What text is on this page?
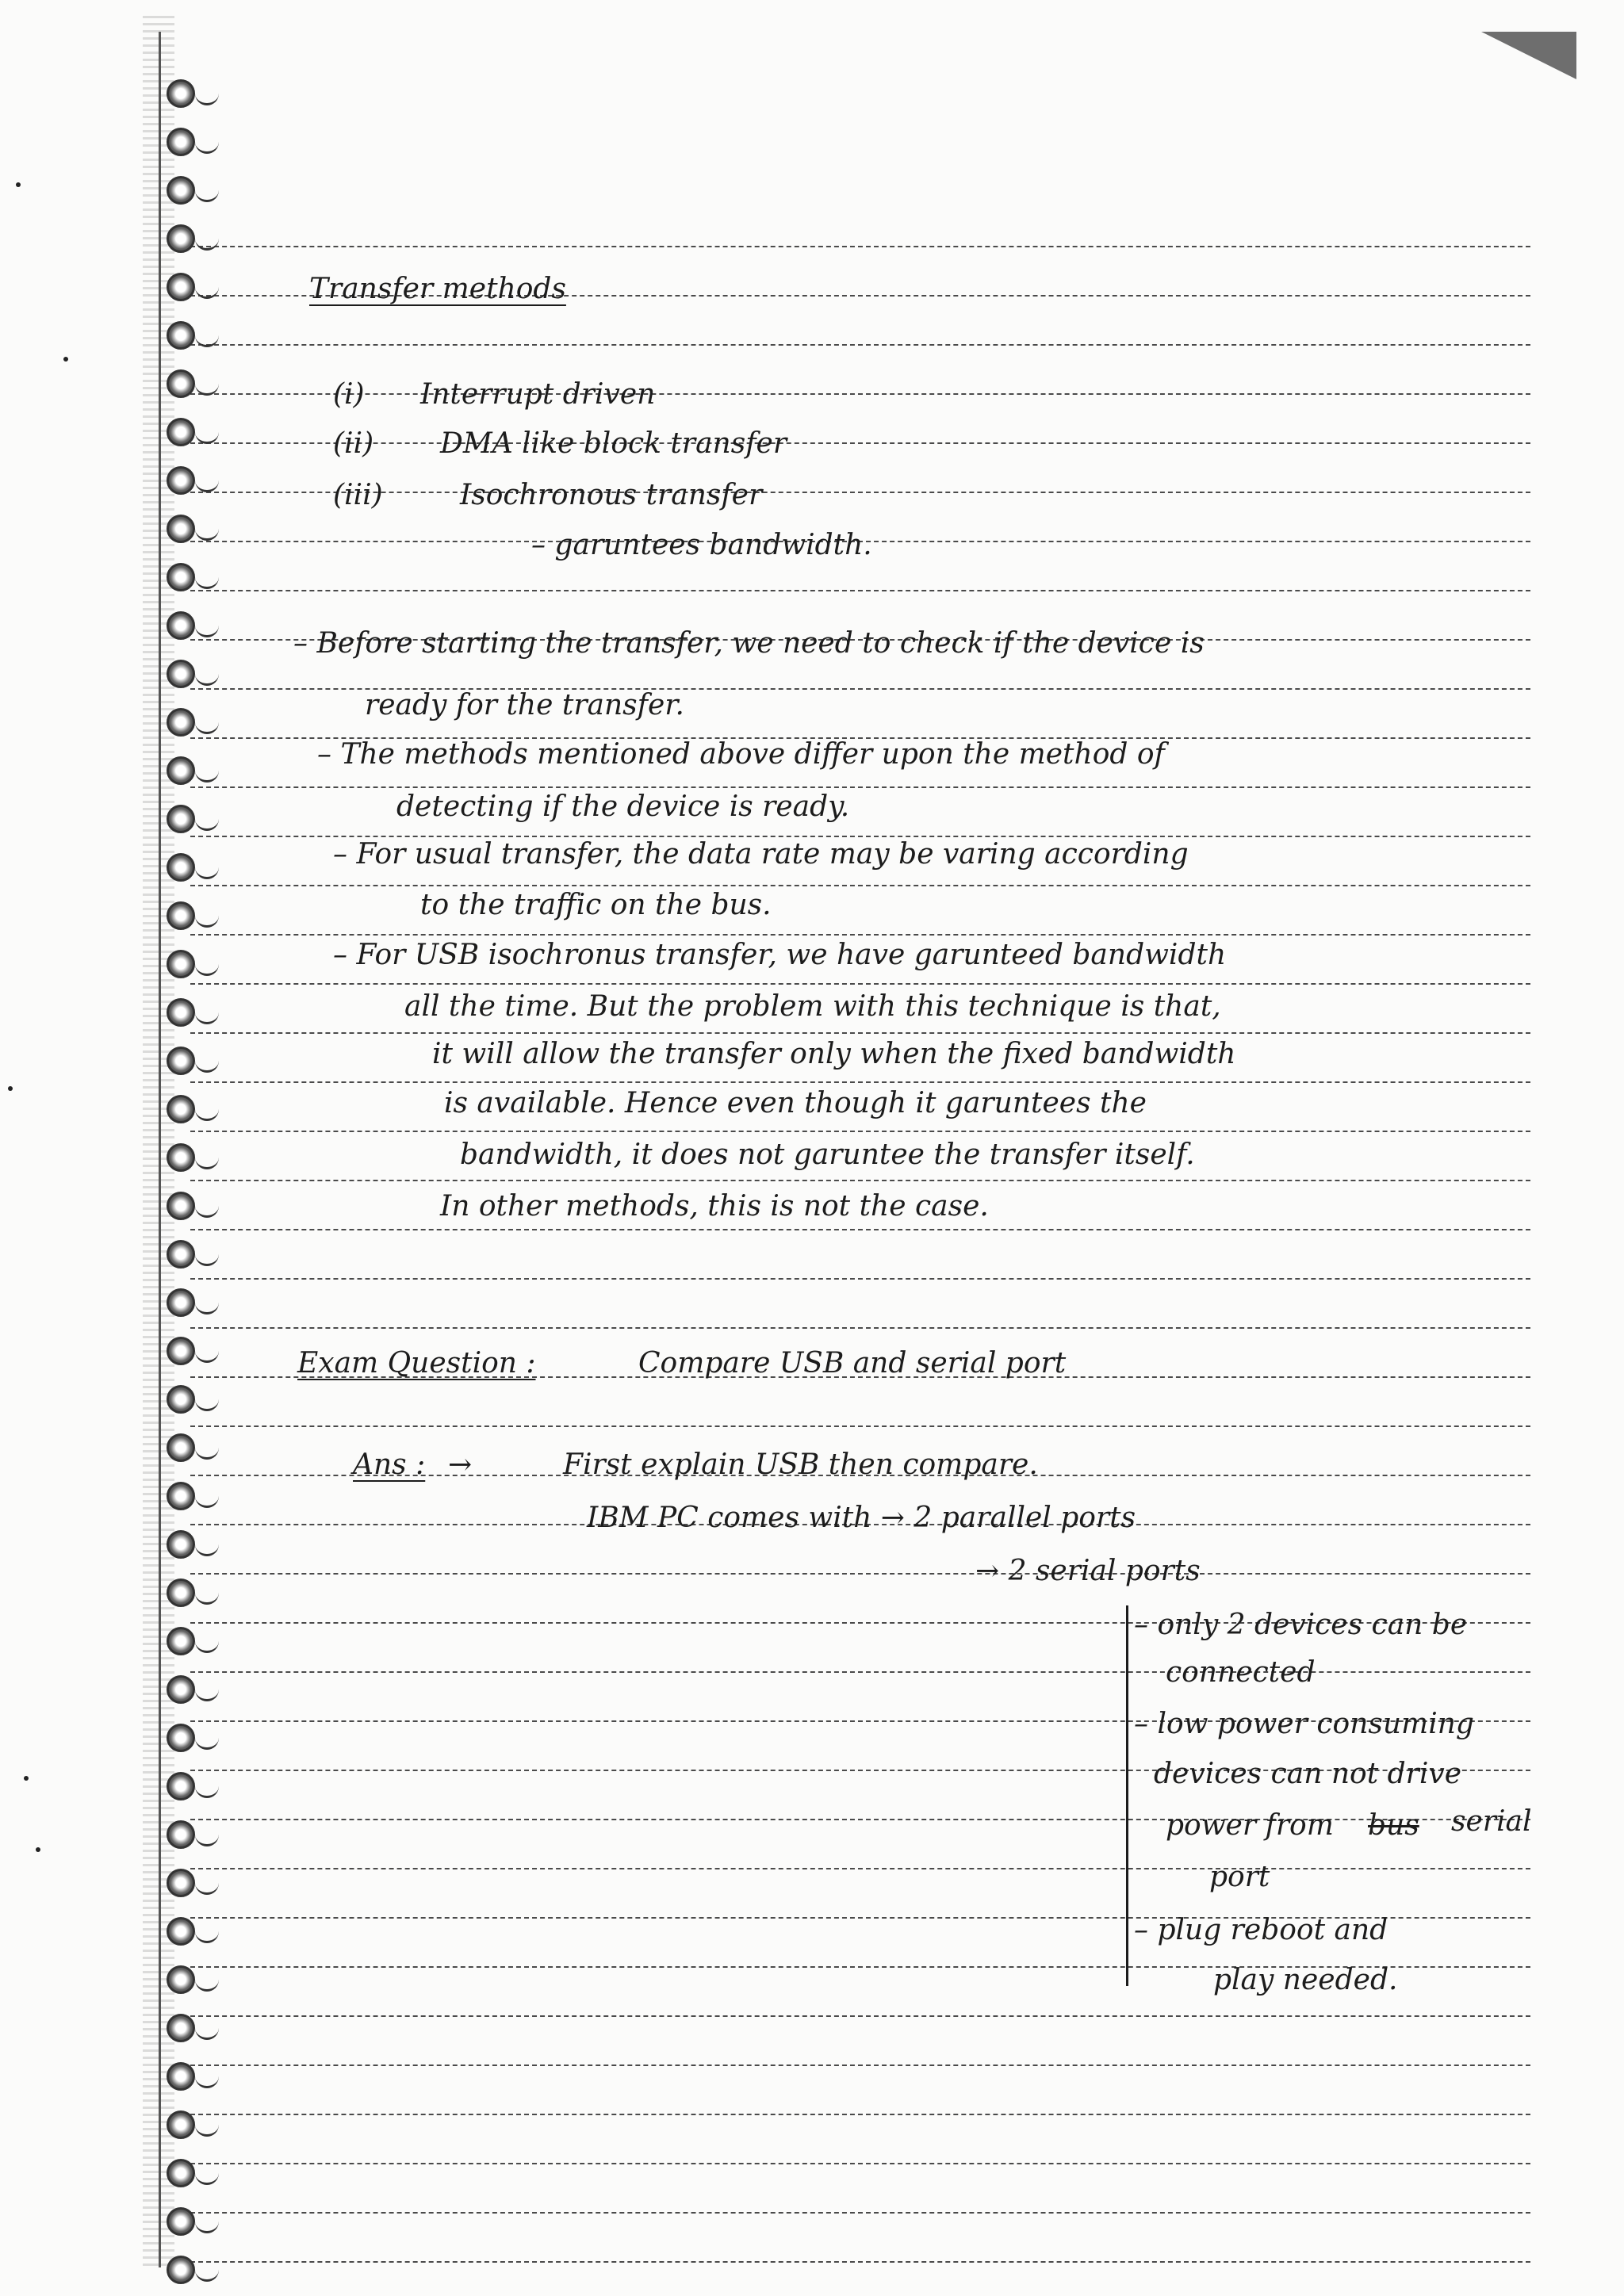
Transfer methods
(i) Interrupt driven
(ii) DMA like block transfer
(iii)	Isochronous transfer
– garuntees bandwidth.
– Before starting the transfer, we need to check if the device is
ready for the transfer.
– The methods mentioned above differ upon the method of
detecting if the device is ready.
– For usual transfer, the data rate may be varing according
to the traffic on the bus.
– For USB isochronus transfer, we have garunteed bandwidth
all the time. But the problem with this technique is that,
it will allow the transfer only when the fixed bandwidth
is available. Hence even though it garuntees the
bandwidth, it does not garuntee the transfer itself.
In other methods, this is not the case.
Exam Question :	Compare USB and serial port
Ans : →	First explain USB then compare.
IBM PC comes with → 2 parallel ports
→ 2 serial ports
– only 2 devices can be
connected
– low power consuming
devices can not drive
power from bus serial
port
– plug reboot and
play needed.
